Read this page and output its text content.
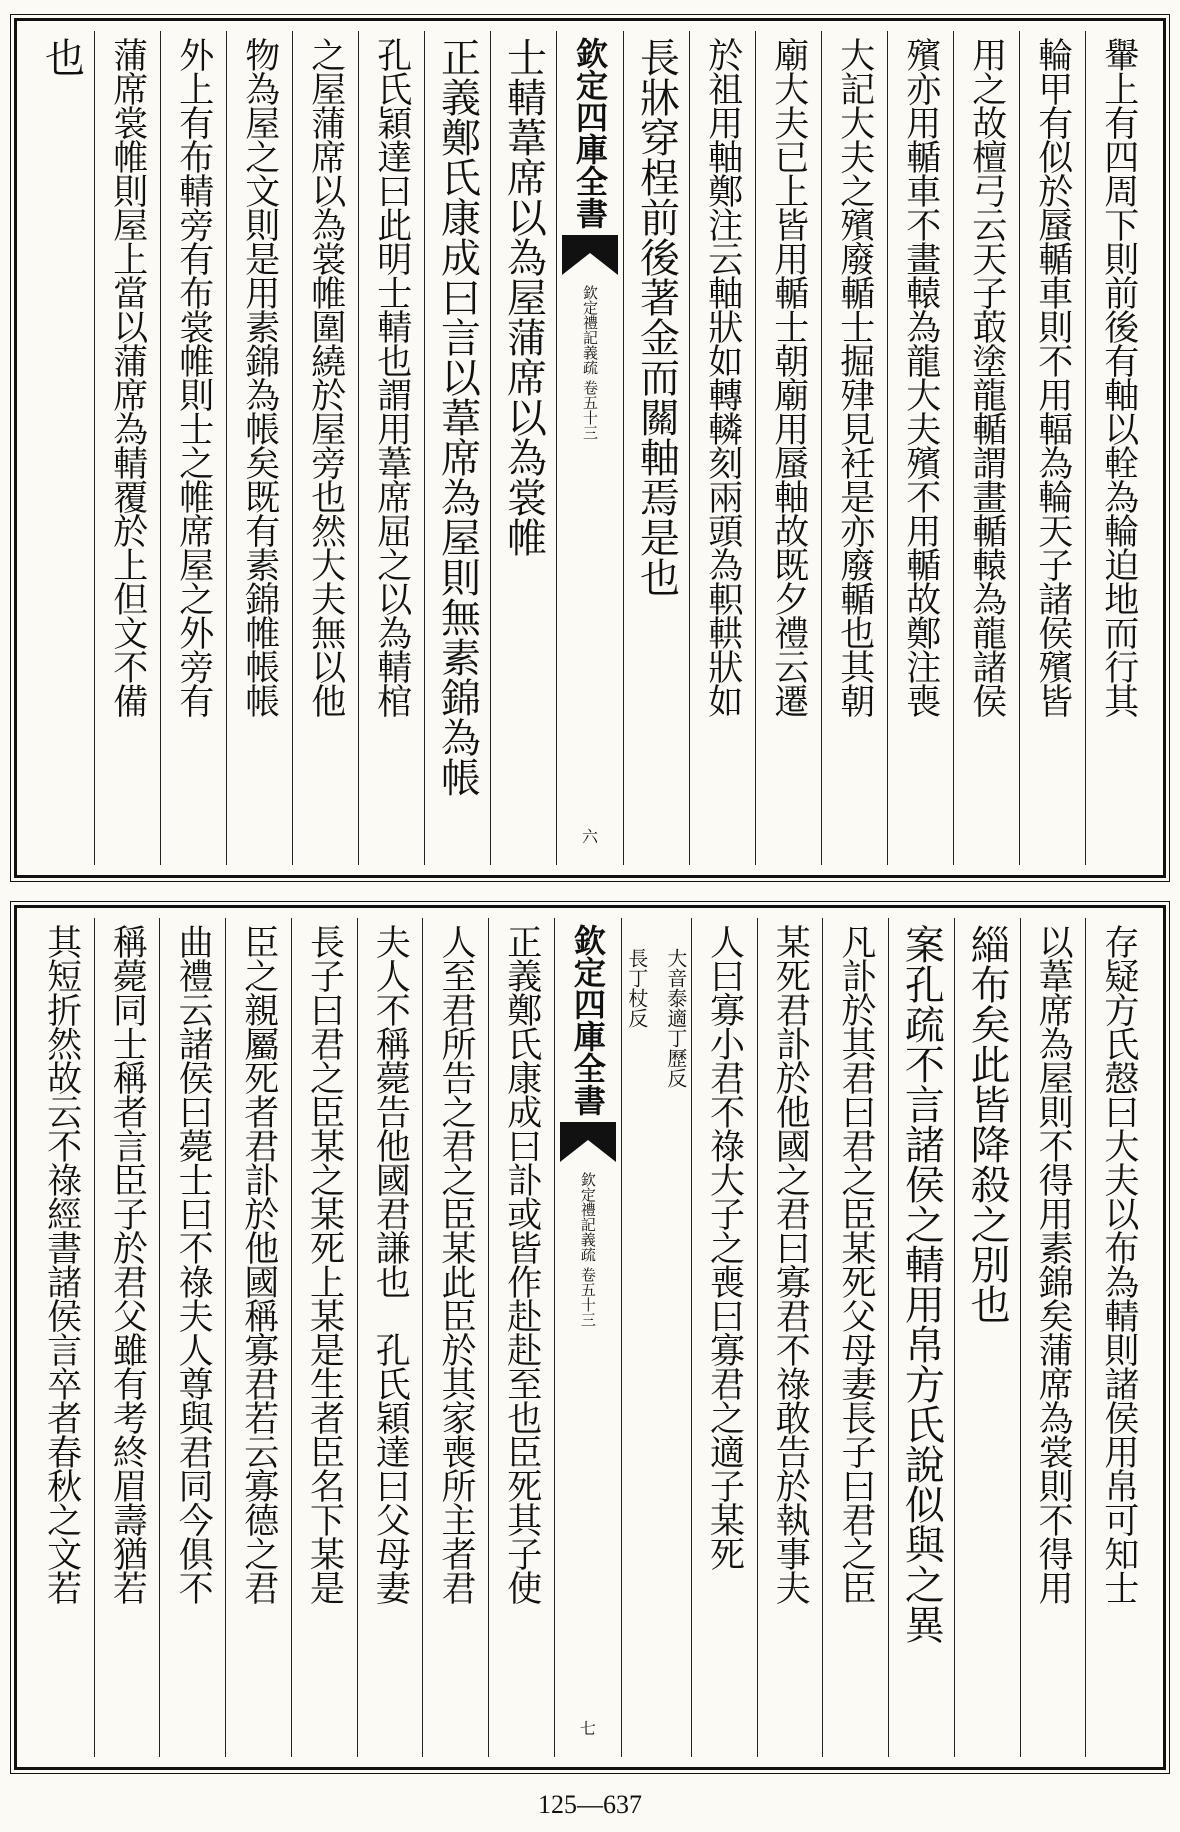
轝上有四周下則前後有軸以輇為輪迫地而行其
輪甲有似於蜃輴車則不用輻為輪天子諸侯殯皆
用之故檀弓云天子菆塗龍輴謂畫輴轅為龍諸侯
殯亦用輴車不畫轅為龍大夫殯不用輴故鄭注喪
大記大夫之殯廢輴士掘肂見衽是亦廢輴也其朝
廟大夫已上皆用輴士朝廟用蜃軸故既夕禮云遷
於祖用軸鄭注云軸狀如轉轔刻兩頭為軹輁狀如
長牀穿桯前後著金而關軸焉是也
欽定四庫全書
欽定禮記義疏 卷五十三
六
士輤葦席以為屋蒲席以為裳帷
正義鄭氏康成曰言以葦席為屋則無素錦為帳
孔氏穎達曰此明士輤也謂用葦席屈之以為輤棺
之屋蒲席以為裳帷圍繞於屋旁也然大夫無以他
物為屋之文則是用素錦為帳矣既有素錦帷帳帳
外上有布輤旁有布裳帷則士之帷席屋之外旁有
蒲席裳帷則屋上當以蒲席為輤覆於上但文不備
也
存疑方氏慤曰大夫以布為輤則諸侯用帛可知士
以葦席為屋則不得用素錦矣蒲席為裳則不得用
緇布矣此皆降殺之別也
案孔疏不言諸侯之輤用帛方氏說似與之異
凡訃於其君曰君之臣某死父母妻長子曰君之臣
某死君訃於他國之君曰寡君不祿敢告於執事夫
人曰寡小君不祿大子之喪曰寡君之適子某死
長丁杖反 大音泰適丁歷反
欽定四庫全書
欽定禮記義疏 卷五十三
七
正義鄭氏康成曰訃或皆作赴赴至也臣死其子使
人至君所告之君之臣某此臣於其家喪所主者君
夫人不稱薨告他國君謙也　孔氏穎達曰父母妻
長子曰君之臣某之某死上某是生者臣名下某是
臣之親屬死者君訃於他國稱寡君若云寡德之君
曲禮云諸侯曰薨士曰不祿夫人尊與君同今俱不
稱薨同士稱者言臣子於君父雖有考終眉壽猶若
其短折然故云不祿經書諸侯言卒者春秋之文若
125—637
